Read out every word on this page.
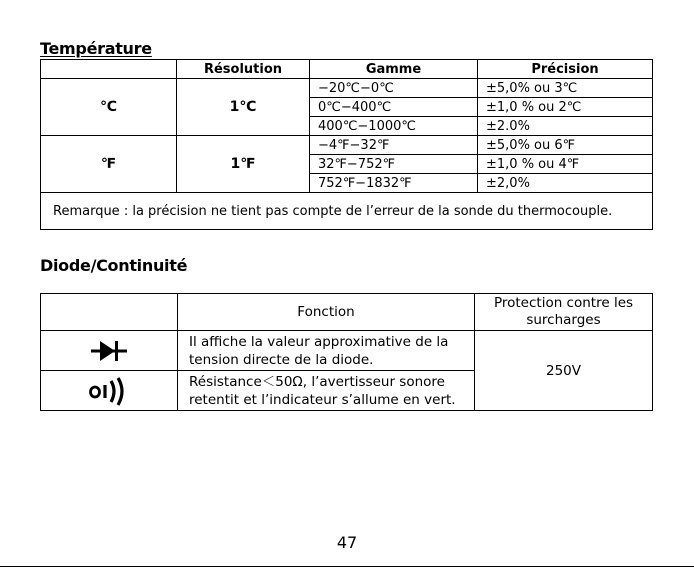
Température
	Résolution	Gamme	Précision
℃	1℃	−20℃−0℃	±5,0% ou 3℃
		0℃−400℃	±1,0 % ou 2℃
		400℃−1000℃	±2.0%
℉	1℉	−4℉−32℉	±5,0% ou 6℉
		32℉−752℉	±1,0 % ou 4℉
		752℉−1832℉	±2,0%
Remarque : la précision ne tient pas compte de l’erreur de la sonde du thermocouple.			
Diode/Continuité
	Fonction	Protection contre les surcharges
	Il affiche la valeur approximative de la tension directe de la diode.	250V
	Résistance＜50Ω, l’avertisseur sonore retentit et l’indicateur s’allume en vert.	
47
